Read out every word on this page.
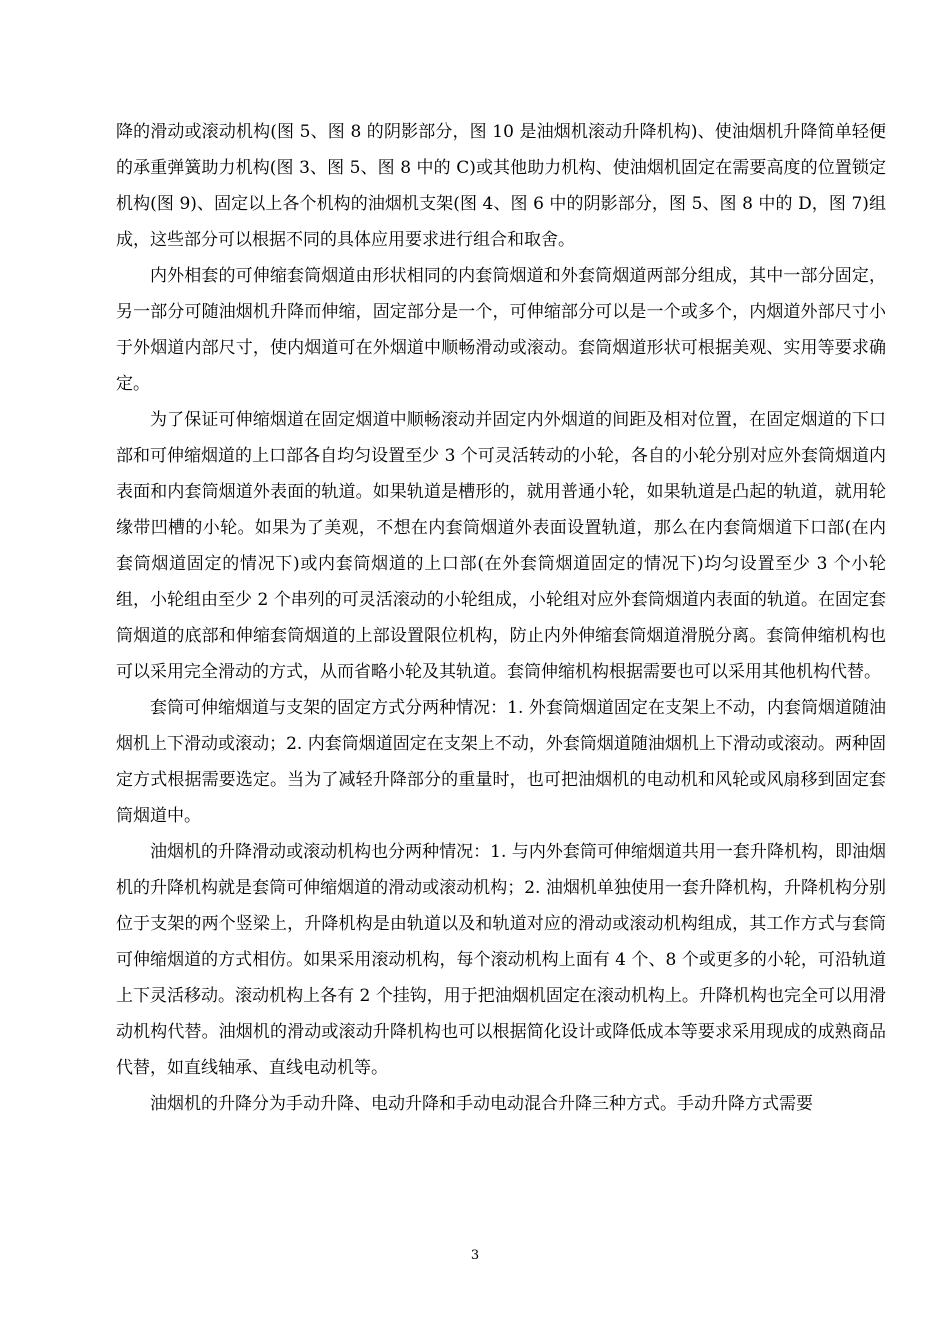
降的滑动或滚动机构(图 5、图 8 的阴影部分，图 10 是油烟机滚动升降机构)、使油烟机升降简单轻便的承重弹簧助力机构(图 3、图 5、图 8 中的 C)或其他助力机构、使油烟机固定在需要高度的位置锁定机构(图 9)、固定以上各个机构的油烟机支架(图 4、图 6 中的阴影部分，图 5、图 8 中的 D，图 7)组成，这些部分可以根据不同的具体应用要求进行组合和取舍。

内外相套的可伸缩套筒烟道由形状相同的内套筒烟道和外套筒烟道两部分组成，其中一部分固定，另一部分可随油烟机升降而伸缩，固定部分是一个，可伸缩部分可以是一个或多个，内烟道外部尺寸小于外烟道内部尺寸，使内烟道可在外烟道中顺畅滑动或滚动。套筒烟道形状可根据美观、实用等要求确定。

为了保证可伸缩烟道在固定烟道中顺畅滚动并固定内外烟道的间距及相对位置，在固定烟道的下口部和可伸缩烟道的上口部各自均匀设置至少 3 个可灵活转动的小轮，各自的小轮分别对应外套筒烟道内表面和内套筒烟道外表面的轨道。如果轨道是槽形的，就用普通小轮，如果轨道是凸起的轨道，就用轮缘带凹槽的小轮。如果为了美观，不想在内套筒烟道外表面设置轨道，那么在内套筒烟道下口部(在内套筒烟道固定的情况下)或内套筒烟道的上口部(在外套筒烟道固定的情况下)均匀设置至少 3 个小轮组，小轮组由至少 2 个串列的可灵活滚动的小轮组成，小轮组对应外套筒烟道内表面的轨道。在固定套筒烟道的底部和伸缩套筒烟道的上部设置限位机构，防止内外伸缩套筒烟道滑脱分离。套筒伸缩机构也可以采用完全滑动的方式，从而省略小轮及其轨道。套筒伸缩机构根据需要也可以采用其他机构代替。

套筒可伸缩烟道与支架的固定方式分两种情况：1. 外套筒烟道固定在支架上不动，内套筒烟道随油烟机上下滑动或滚动；2. 内套筒烟道固定在支架上不动，外套筒烟道随油烟机上下滑动或滚动。两种固定方式根据需要选定。当为了减轻升降部分的重量时，也可把油烟机的电动机和风轮或风扇移到固定套筒烟道中。

油烟机的升降滑动或滚动机构也分两种情况：1. 与内外套筒可伸缩烟道共用一套升降机构，即油烟机的升降机构就是套筒可伸缩烟道的滑动或滚动机构；2. 油烟机单独使用一套升降机构，升降机构分别位于支架的两个竖梁上，升降机构是由轨道以及和轨道对应的滑动或滚动机构组成，其工作方式与套筒可伸缩烟道的方式相仿。如果采用滚动机构，每个滚动机构上面有 4 个、8 个或更多的小轮，可沿轨道上下灵活移动。滚动机构上各有 2 个挂钩，用于把油烟机固定在滚动机构上。升降机构也完全可以用滑动机构代替。油烟机的滑动或滚动升降机构也可以根据简化设计或降低成本等要求采用现成的成熟商品代替，如直线轴承、直线电动机等。

油烟机的升降分为手动升降、电动升降和手动电动混合升降三种方式。手动升降方式需要

3
